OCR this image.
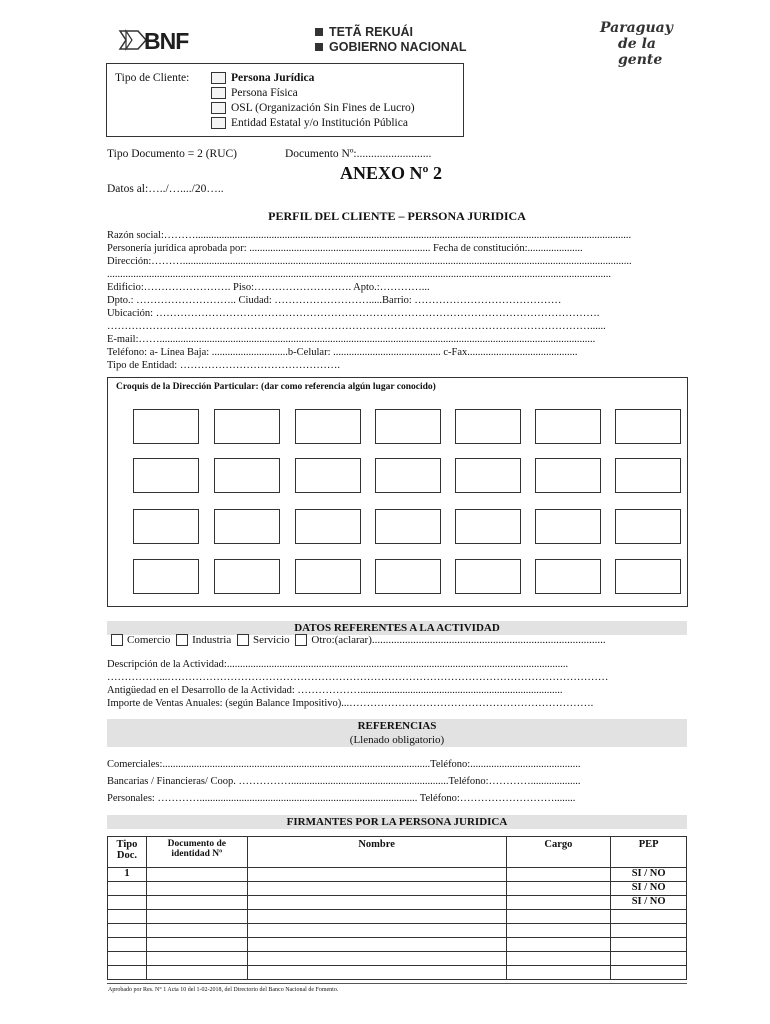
BNF	TETÃ REKUÁI
GOBIERNO NACIONAL
Paraguay
de la gente
Tipo de Cliente:	Persona Jurídica
Persona Física
OSL (Organización Sin Fines de Lucro)
Entidad Estatal y/o Institución Pública
Tipo Documento = 2 (RUC)	Documento Nº:..........................
ANEXO Nº 2
Datos al:…../…..../20…..
PERFIL DEL CLIENTE – PERSONA JURIDICA
Razón social:………......................................................................................................................................................................
Personería jurídica aprobada por: ..................................................................... Fecha de constitución:.....................
Dirección:………...........................................................................................................................................................................
................................................................................................................................................................................................
Edificio:……………………. Piso:………………………. Apto.:…………...
Dpto.: ……………………….. Ciudad: ……………………….....Barrio: ……………………………………
Ubicación: ……………………………………………………………………………………………………………….
…………………………………………………………………………………………………………………………......
E-mail:……......................................................................................................................................................................
Teléfono: a- Línea Baja: .............................b-Celular: ......................................... c-Fax..........................................
Tipo de Entidad: ……………………………………….
Croquis de la Dirección Particular: (dar como referencia algún lugar conocido)
DATOS REFERENTES A LA ACTIVIDAD
Comercio Industria Servicio Otro:(aclarar).....................................................................................
Descripción de la Actividad:..................................................................................................................................
……………...………………………………………………………………………………………………………………
Antigüedad en el Desarrollo de la Actividad: ……………….............................................................................
Importe de Ventas Anuales: (según Balance Impositivo)...…………………………………………………………….
REFERENCIAS
(Llenado obligatorio)
Comerciales:......................................................................................................Teléfono:..........................................
Bancarias / Financieras/ Coop. ……………............................................................Teléfono:…………...................
Personales: …………................................................................................... Teléfono:………………………........
FIRMANTES POR LA PERSONA JURIDICA
Tipo Doc.	Documento de identidad Nº	Nombre	Cargo	PEP
1				SI / NO
				SI / NO
				SI / NO

Aprobado por Res. N° 1 Acta 10 del 1-02-2018, del Directorio del Banco Nacional de Fomento.
